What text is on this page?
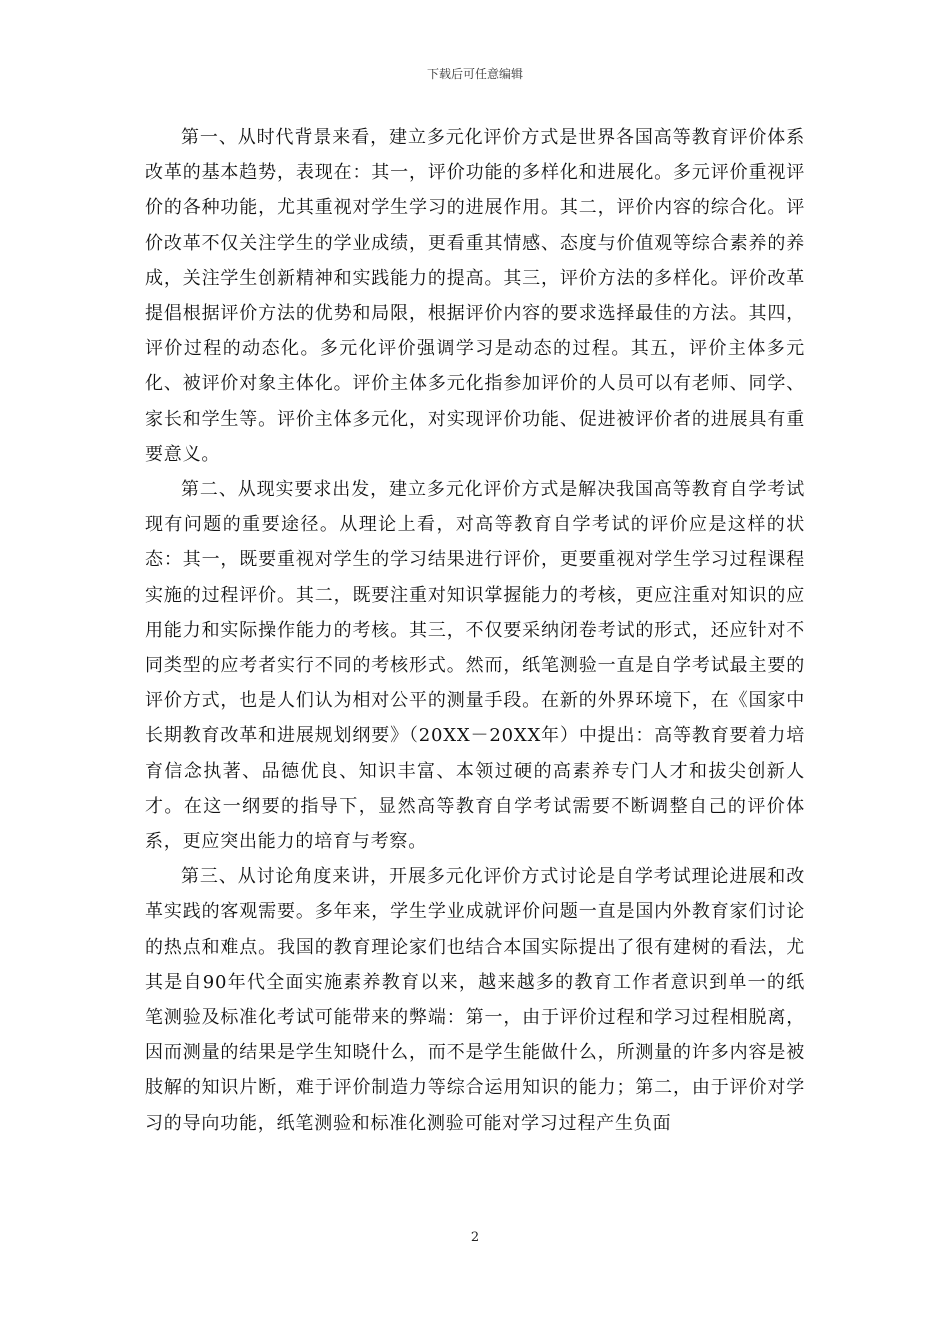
下载后可任意编辑

第一、从时代背景来看，建立多元化评价方式是世界各国高等教育评价体系改革的基本趋势，表现在：其一，评价功能的多样化和进展化。多元评价重视评价的各种功能，尤其重视对学生学习的进展作用。其二，评价内容的综合化。评价改革不仅关注学生的学业成绩，更看重其情感、态度与价值观等综合素养的养成，关注学生创新精神和实践能力的提高。其三，评价方法的多样化。评价改革提倡根据评价方法的优势和局限，根据评价内容的要求选择最佳的方法。其四，评价过程的动态化。多元化评价强调学习是动态的过程。其五，评价主体多元化、被评价对象主体化。评价主体多元化指参加评价的人员可以有老师、同学、家长和学生等。评价主体多元化，对实现评价功能、促进被评价者的进展具有重要意义。

第二、从现实要求出发，建立多元化评价方式是解决我国高等教育自学考试现有问题的重要途径。从理论上看，对高等教育自学考试的评价应是这样的状态：其一，既要重视对学生的学习结果进行评价，更要重视对学生学习过程课程实施的过程评价。其二，既要注重对知识掌握能力的考核，更应注重对知识的应用能力和实际操作能力的考核。其三，不仅要采纳闭卷考试的形式，还应针对不同类型的应考者实行不同的考核形式。然而，纸笔测验一直是自学考试最主要的评价方式，也是人们认为相对公平的测量手段。在新的外界环境下，在《国家中长期教育改革和进展规划纲要》（20XX－20XX年）中提出：高等教育要着力培育信念执著、品德优良、知识丰富、本领过硬的高素养专门人才和拔尖创新人才。在这一纲要的指导下，显然高等教育自学考试需要不断调整自己的评价体系，更应突出能力的培育与考察。

第三、从讨论角度来讲，开展多元化评价方式讨论是自学考试理论进展和改革实践的客观需要。多年来，学生学业成就评价问题一直是国内外教育家们讨论的热点和难点。我国的教育理论家们也结合本国实际提出了很有建树的看法，尤其是自90年代全面实施素养教育以来，越来越多的教育工作者意识到单一的纸笔测验及标准化考试可能带来的弊端：第一，由于评价过程和学习过程相脱离，因而测量的结果是学生知晓什么，而不是学生能做什么，所测量的许多内容是被肢解的知识片断，难于评价制造力等综合运用知识的能力；第二，由于评价对学习的导向功能，纸笔测验和标准化测验可能对学习过程产生负面

2
